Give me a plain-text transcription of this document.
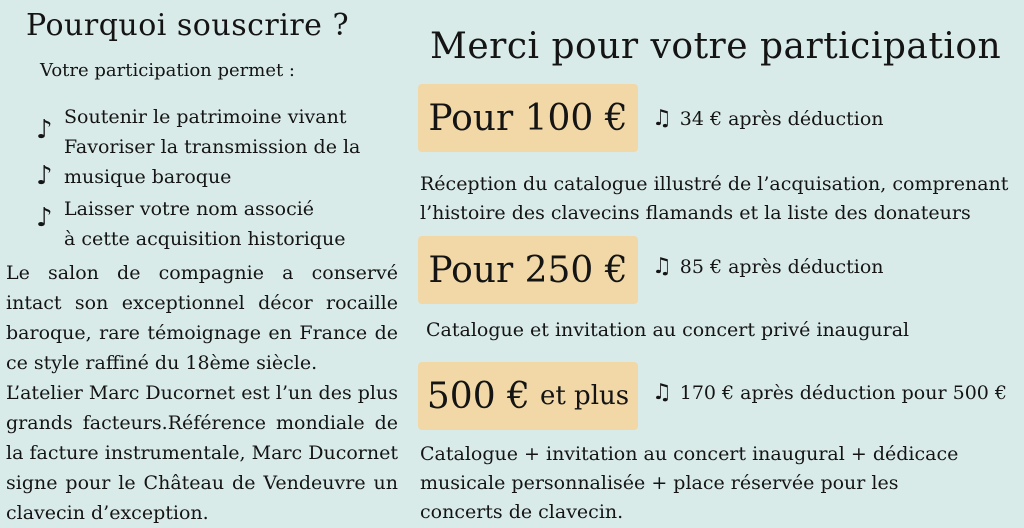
Pourquoi souscrire ?
Votre participation permet :
♪ Soutenir le patrimoine vivant
Favoriser la transmission de la
♪ musique baroque
♪ Laisser votre nom associé
à cette acquisition historique

Le salon de compagnie a conservé intact son exceptionnel décor rocaille baroque, rare témoignage en France de ce style raffiné du 18ème siècle.

L’atelier Marc Ducornet est l’un des plus grands facteurs.Référence mondiale de la facture instrumentale, Marc Ducornet signe pour le Château de Vendeuvre un clavecin d’exception.

Merci pour votre participation
Pour 100 € ♫ 34 € après déduction
Réception du catalogue illustré de l’acquisation, comprenant l’histoire des clavecins flamands et la liste des donateurs
Pour 250 € ♫ 85 € après déduction
Catalogue et invitation au concert privé inaugural
500 € et plus ♫ 170 € après déduction pour 500 €
Catalogue + invitation au concert inaugural + dédicace musicale personnalisée + place réservée pour les concerts de clavecin.
